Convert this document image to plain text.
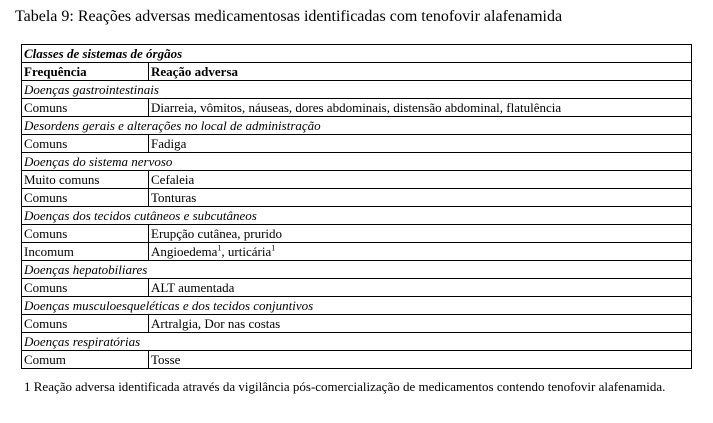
Tabela 9: Reações adversas medicamentosas identificadas com tenofovir alafenamida
Classes de sistemas de órgãos	
Frequência	Reação adversa
Doenças gastrointestinais	
Comuns	Diarreia, vômitos, náuseas, dores abdominais, distensão abdominal, flatulência
Desordens gerais e alterações no local de administração	
Comuns	Fadiga
Doenças do sistema nervoso	
Muito comuns	Cefaleia
Comuns	Tonturas
Doenças dos tecidos cutâneos e subcutâneos	
Comuns	Erupção cutânea, prurido
Incomum	Angioedema$^1$, urticária$^1$
Doenças hepatobiliares	
Comuns	ALT aumentada
Doenças musculoesqueléticas e dos tecidos conjuntivos	
Comuns	Artralgia, Dor nas costas
Doenças respiratórias	
Comum	Tosse
1 Reação adversa identificada através da vigilância pós-comercialização de medicamentos contendo tenofovir alafenamida.
